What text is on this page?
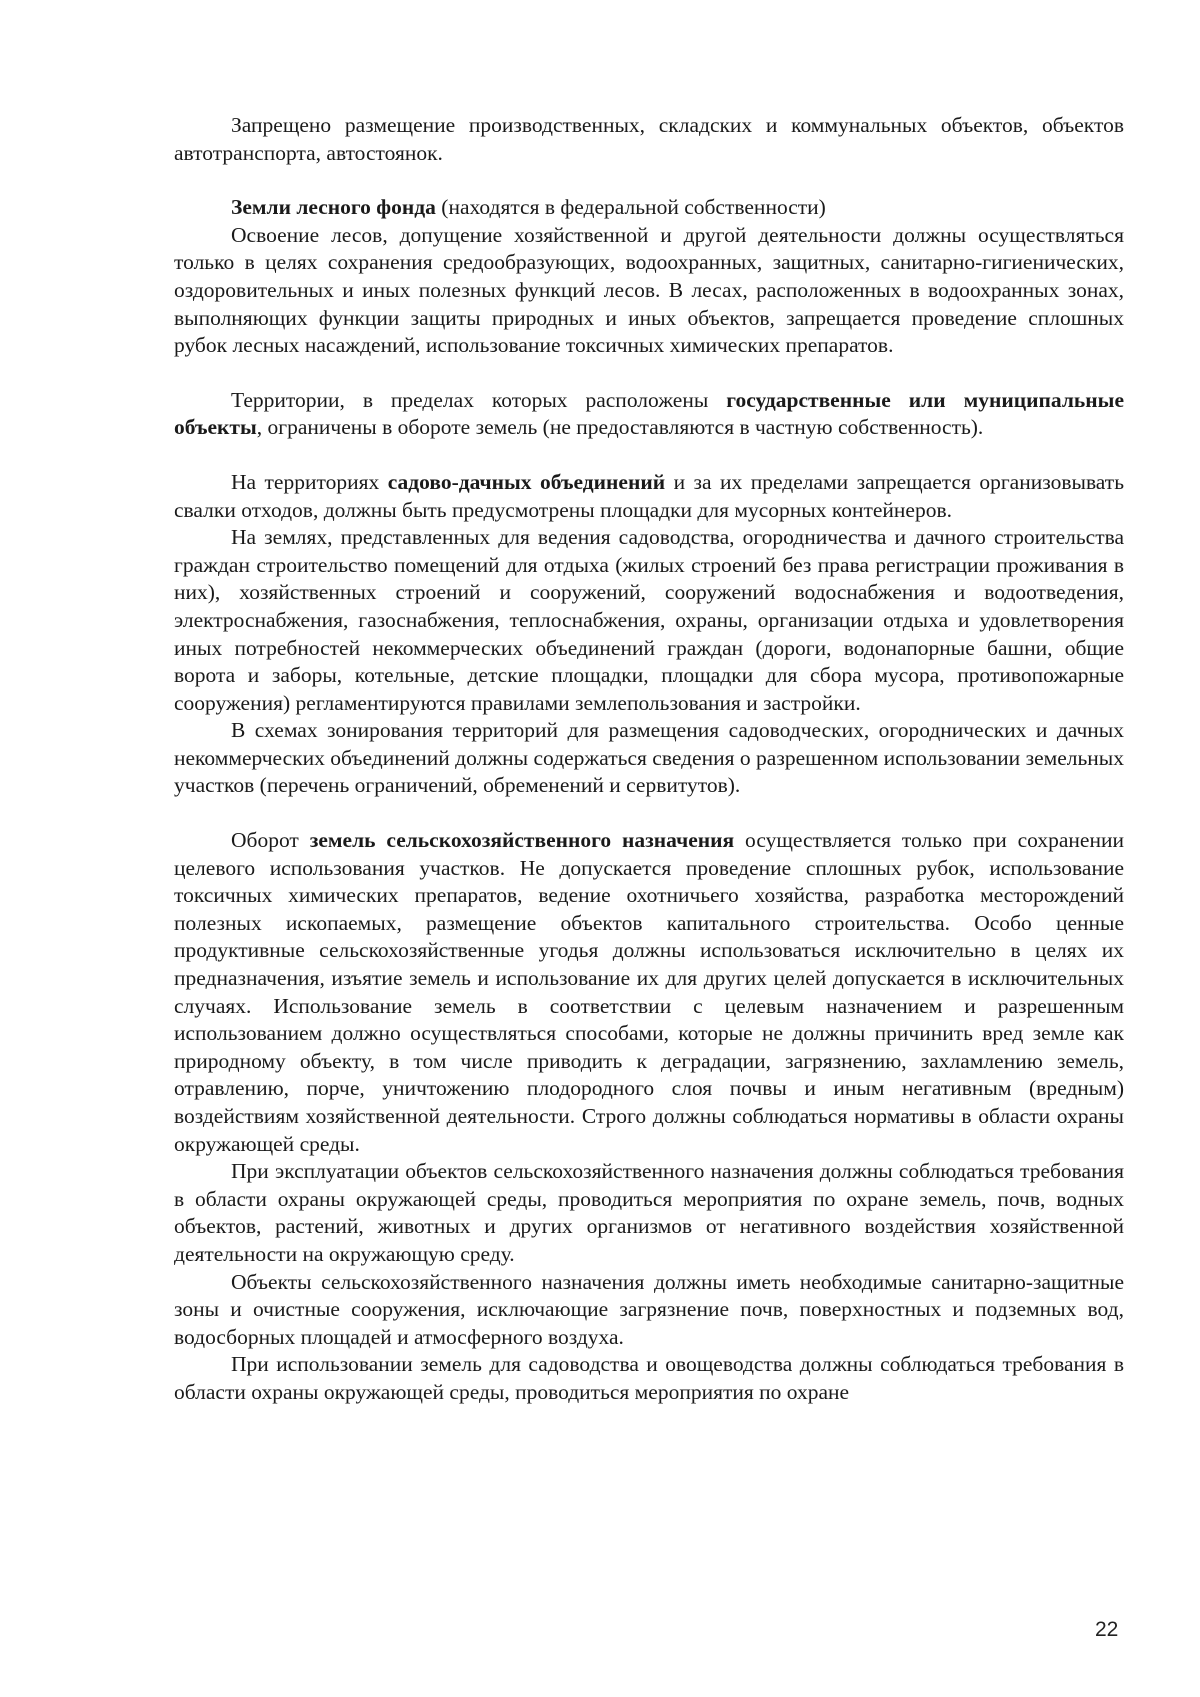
Запрещено размещение производственных, складских и коммунальных объектов, объектов автотранспорта, автостоянок.

Земли лесного фонда (находятся в федеральной собственности)

Освоение лесов, допущение хозяйственной и другой деятельности должны осуществляться только в целях сохранения средообразующих, водоохранных, защитных, санитарно-гигиенических, оздоровительных и иных полезных функций лесов. В лесах, расположенных в водоохранных зонах, выполняющих функции защиты природных и иных объектов, запрещается проведение сплошных рубок лесных насаждений, использование токсичных химических препаратов.

Территории, в пределах которых расположены государственные или муниципальные объекты, ограничены в обороте земель (не предоставляются в частную собственность).

На территориях садово-дачных объединений и за их пределами запрещается организовывать свалки отходов, должны быть предусмотрены площадки для мусорных контейнеров.

На землях, представленных для ведения садоводства, огородничества и дачного строительства граждан строительство помещений для отдыха (жилых строений без права регистрации проживания в них), хозяйственных строений и сооружений, сооружений водоснабжения и водоотведения, электроснабжения, газоснабжения, теплоснабжения, охраны, организации отдыха и удовлетворения иных потребностей некоммерческих объединений граждан (дороги, водонапорные башни, общие ворота и заборы, котельные, детские площадки, площадки для сбора мусора, противопожарные сооружения) регламентируются правилами землепользования и застройки.

В схемах зонирования территорий для размещения садоводческих, огороднических и дачных некоммерческих объединений должны содержаться сведения о разрешенном использовании земельных участков (перечень ограничений, обременений и сервитутов).

Оборот земель сельскохозяйственного назначения осуществляется только при сохранении целевого использования участков. Не допускается проведение сплошных рубок, использование токсичных химических препаратов, ведение охотничьего хозяйства, разработка месторождений полезных ископаемых, размещение объектов капитального строительства. Особо ценные продуктивные сельскохозяйственные угодья должны использоваться исключительно в целях их предназначения, изъятие земель и использование их для других целей допускается в исключительных случаях. Использование земель в соответствии с целевым назначением и разрешенным использованием должно осуществляться способами, которые не должны причинить вред земле как природному объекту, в том числе приводить к деградации, загрязнению, захламлению земель, отравлению, порче, уничтожению плодородного слоя почвы и иным негативным (вредным) воздействиям хозяйственной деятельности. Строго должны соблюдаться нормативы в области охраны окружающей среды.

При эксплуатации объектов сельскохозяйственного назначения должны соблюдаться требования в области охраны окружающей среды, проводиться мероприятия по охране земель, почв, водных объектов, растений, животных и других организмов от негативного воздействия хозяйственной деятельности на окружающую среду.

Объекты сельскохозяйственного назначения должны иметь необходимые санитарно-защитные зоны и очистные сооружения, исключающие загрязнение почв, поверхностных и подземных вод, водосборных площадей и атмосферного воздуха.

При использовании земель для садоводства и овощеводства должны соблюдаться требования в области охраны окружающей среды, проводиться мероприятия по охране

22
